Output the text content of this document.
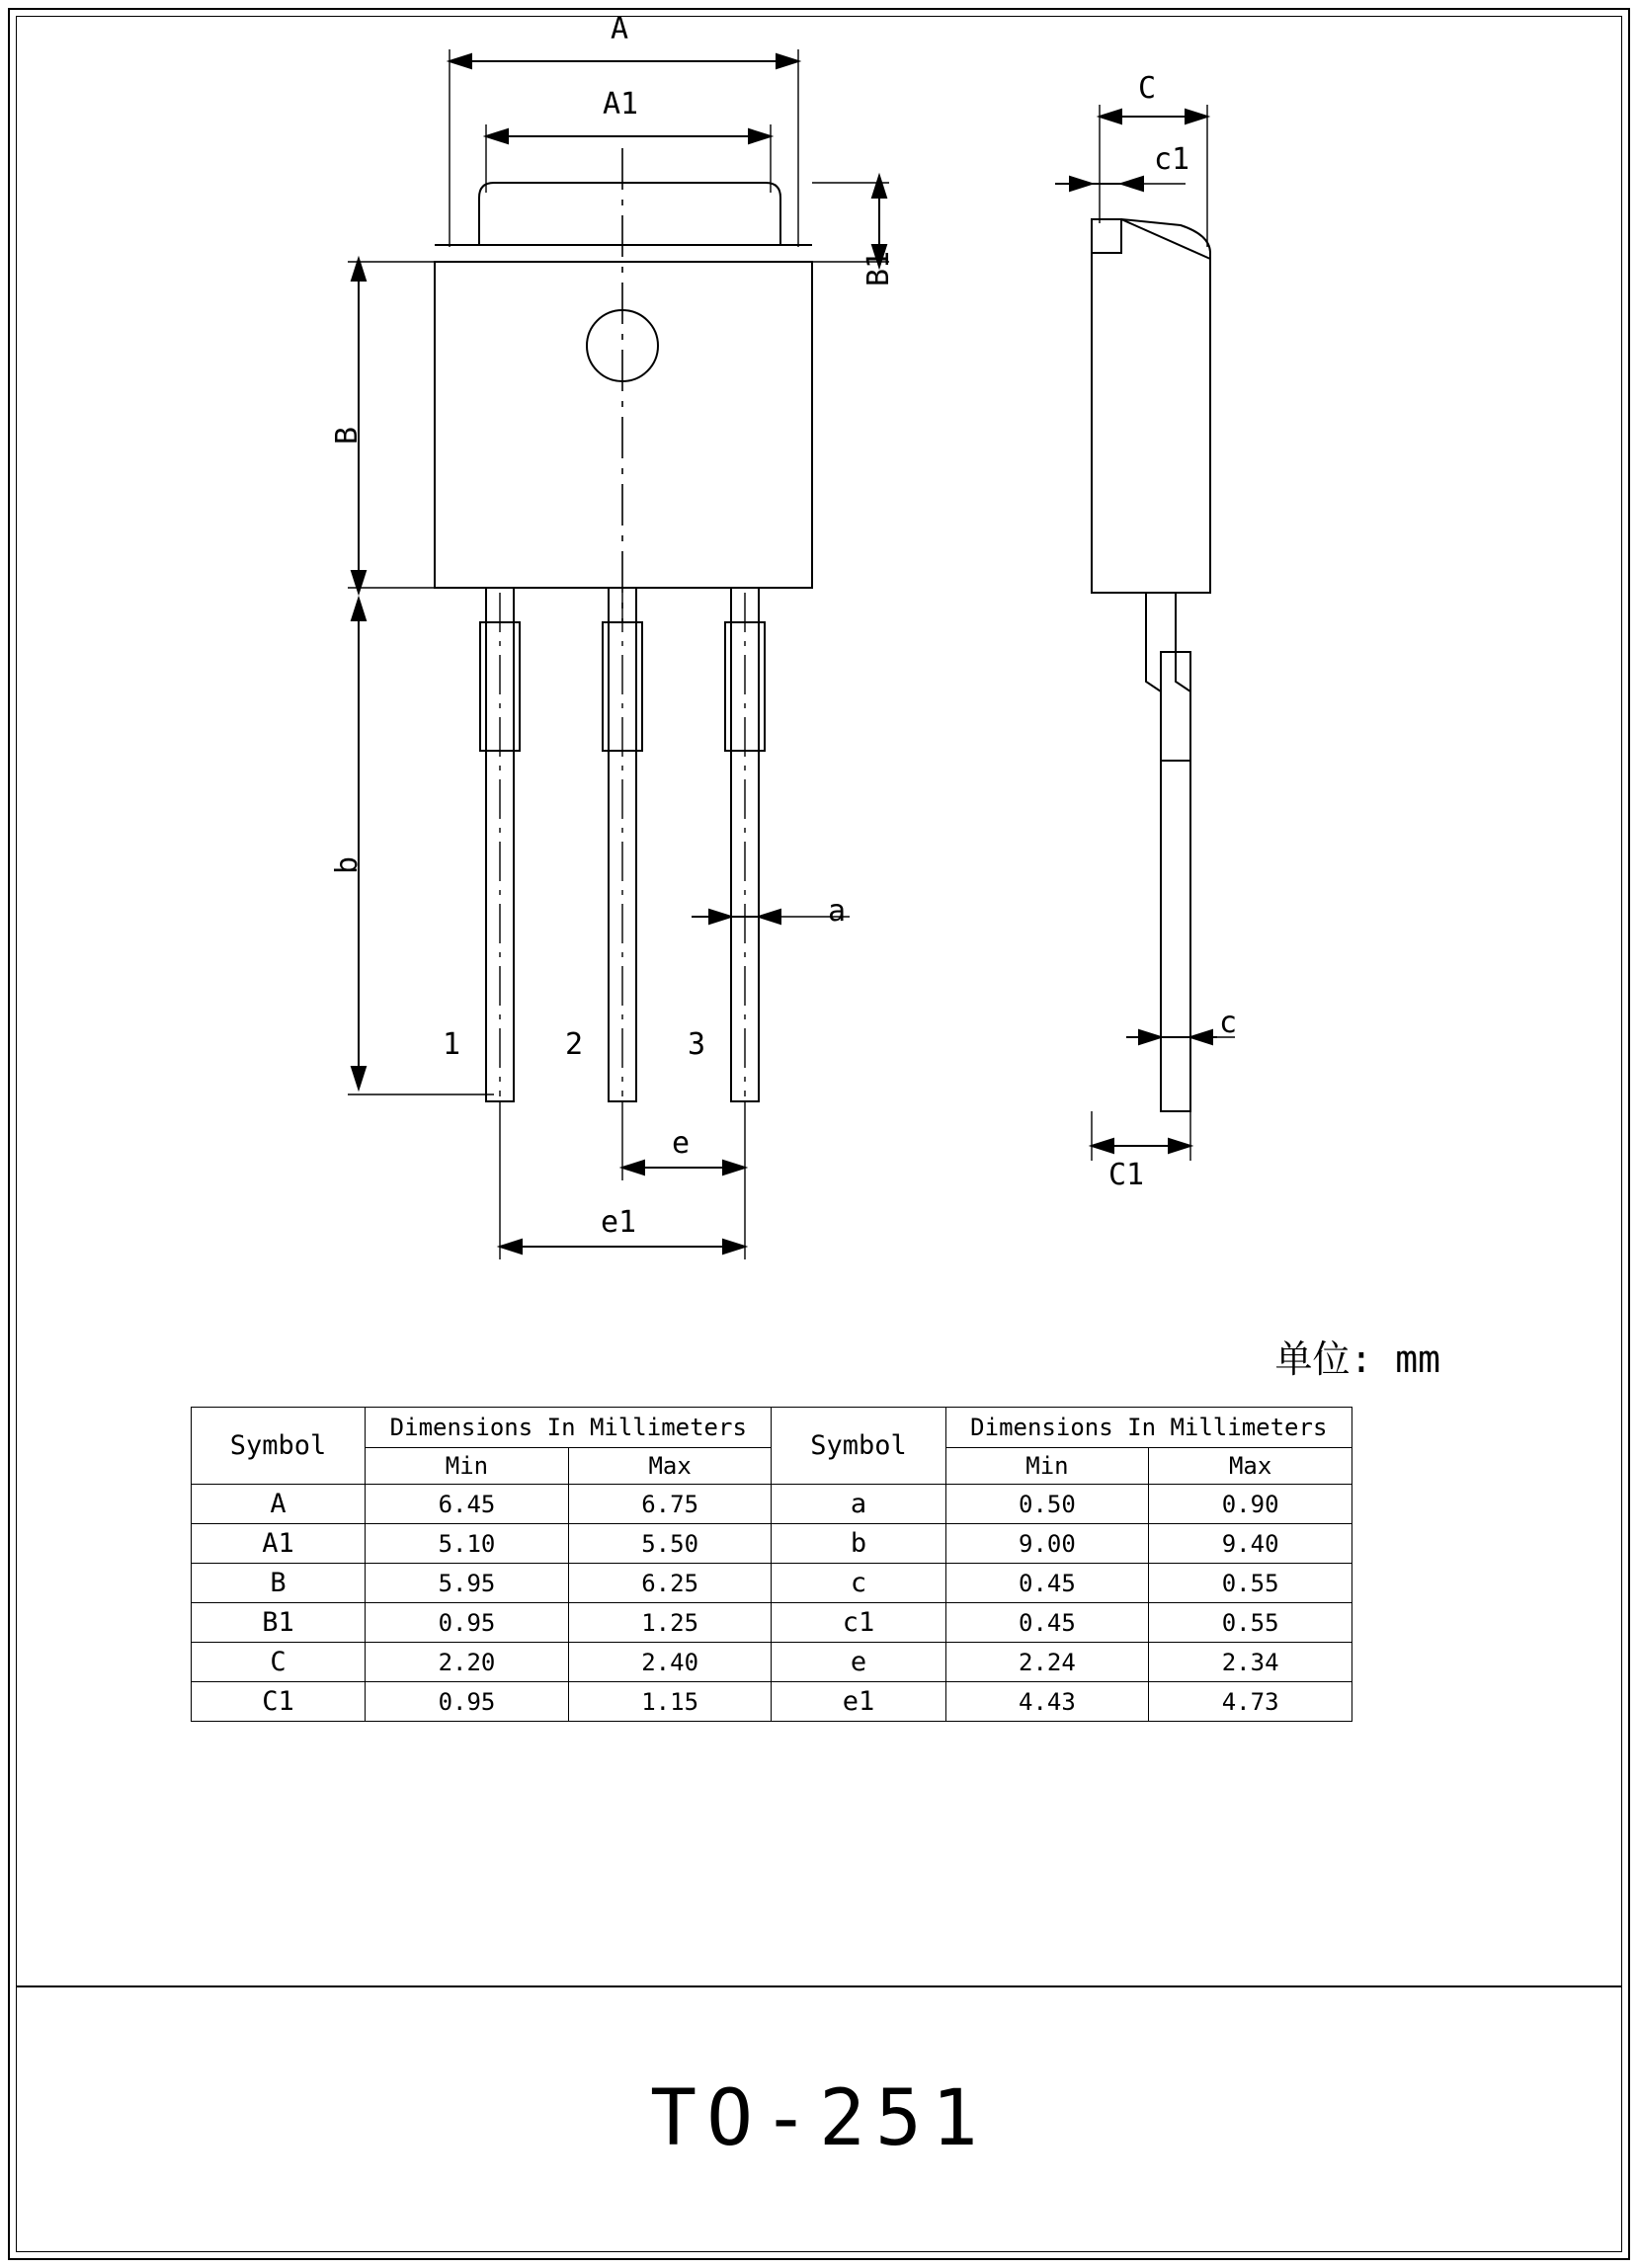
A
A1
B1
B
b
a
e
e1
1	2	3
C
c1
c
C1
单位: mm
Symbol	Dimensions In Millimeters		Symbol	Dimensions In Millimeters	
	Min	Max		Min	Max
A	6.45	6.75	a	0.50	0.90
A1	5.10	5.50	b	9.00	9.40
B	5.95	6.25	c	0.45	0.55
B1	0.95	1.25	c1	0.45	0.55
C	2.20	2.40	e	2.24	2.34
C1	0.95	1.15	e1	4.43	4.73
TO-251
